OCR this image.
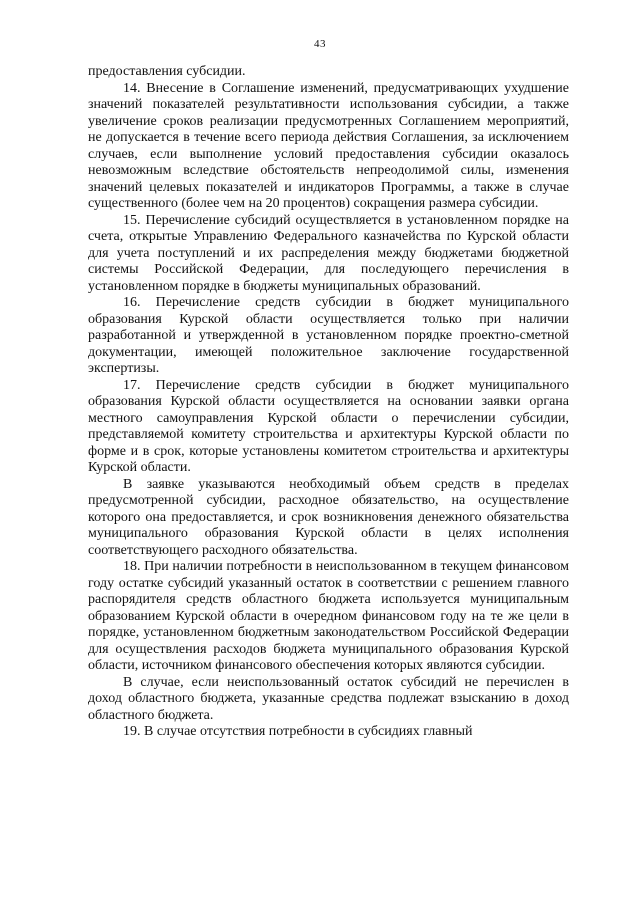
43

предоставления субсидии.

14. Внесение в Соглашение изменений, предусматривающих ухудшение значений показателей результативности использования субсидии, а также увеличение сроков реализации предусмотренных Соглашением мероприятий, не допускается в течение всего периода действия Соглашения, за исключением случаев, если выполнение условий предоставления субсидии оказалось невозможным вследствие обстоятельств непреодолимой силы, изменения значений целевых показателей и индикаторов Программы, а также в случае существенного (более чем на 20 процентов) сокращения размера субсидии.

15. Перечисление субсидий осуществляется в установленном порядке на счета, открытые Управлению Федерального казначейства по Курской области для учета поступлений и их распределения между бюджетами бюджетной системы Российской Федерации, для последующего перечисления в установленном порядке в бюджеты муниципальных образований.

16. Перечисление средств субсидии в бюджет муниципального образования Курской области осуществляется только при наличии разработанной и утвержденной в установленном порядке проектно-сметной документации, имеющей положительное заключение государственной экспертизы.

17. Перечисление средств субсидии в бюджет муниципального образования Курской области осуществляется на основании заявки органа местного самоуправления Курской области о перечислении субсидии, представляемой комитету строительства и архитектуры Курской области по форме и в срок, которые установлены комитетом строительства и архитектуры Курской области.

В заявке указываются необходимый объем средств в пределах предусмотренной субсидии, расходное обязательство, на осуществление которого она предоставляется, и срок возникновения денежного обязательства муниципального образования Курской области в целях исполнения соответствующего расходного обязательства.

18. При наличии потребности в неиспользованном в текущем финансовом году остатке субсидий указанный остаток в соответствии с решением главного распорядителя средств областного бюджета используется муниципальным образованием Курской области в очередном финансовом году на те же цели в порядке, установленном бюджетным законодательством Российской Федерации для осуществления расходов бюджета муниципального образования Курской области, источником финансового обеспечения которых являются субсидии.

В случае, если неиспользованный остаток субсидий не перечислен в доход областного бюджета, указанные средства подлежат взысканию в доход областного бюджета.

19. В случае отсутствия потребности в субсидиях главный
